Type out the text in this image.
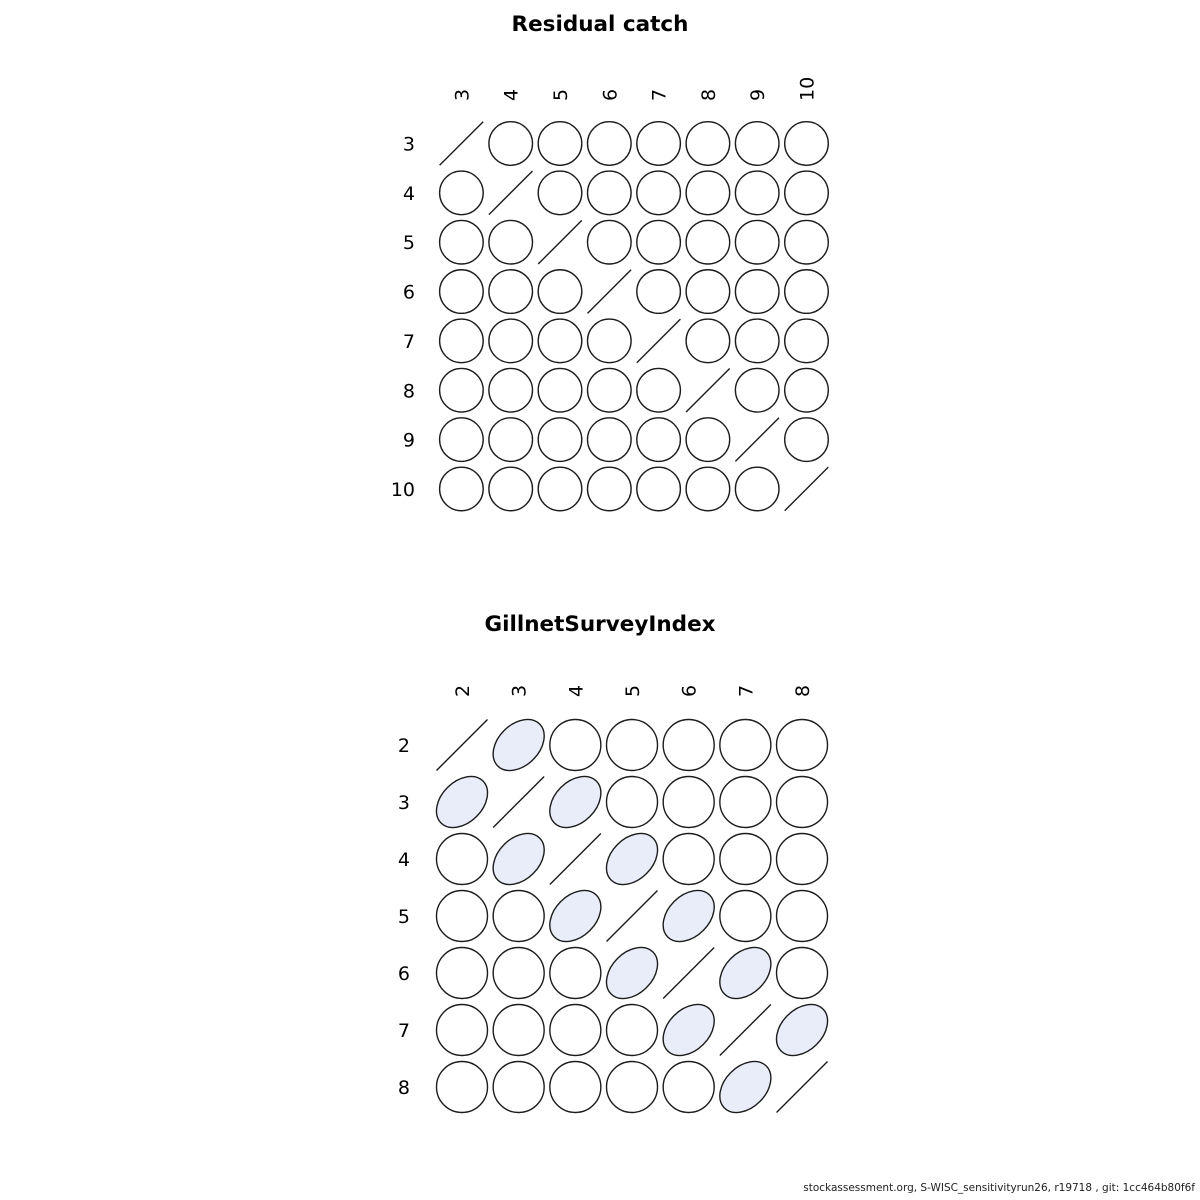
Residual catch
3 4 5 6 7 8 9 10
3
4
5
6
7
8
9
10
GillnetSurveyIndex
2 3 4 5 6 7 8
2
3
4
5
6
7
8
stockassessment.org, S-WISC_sensitivityrun26, r19718 , git: 1cc464b80f6f
